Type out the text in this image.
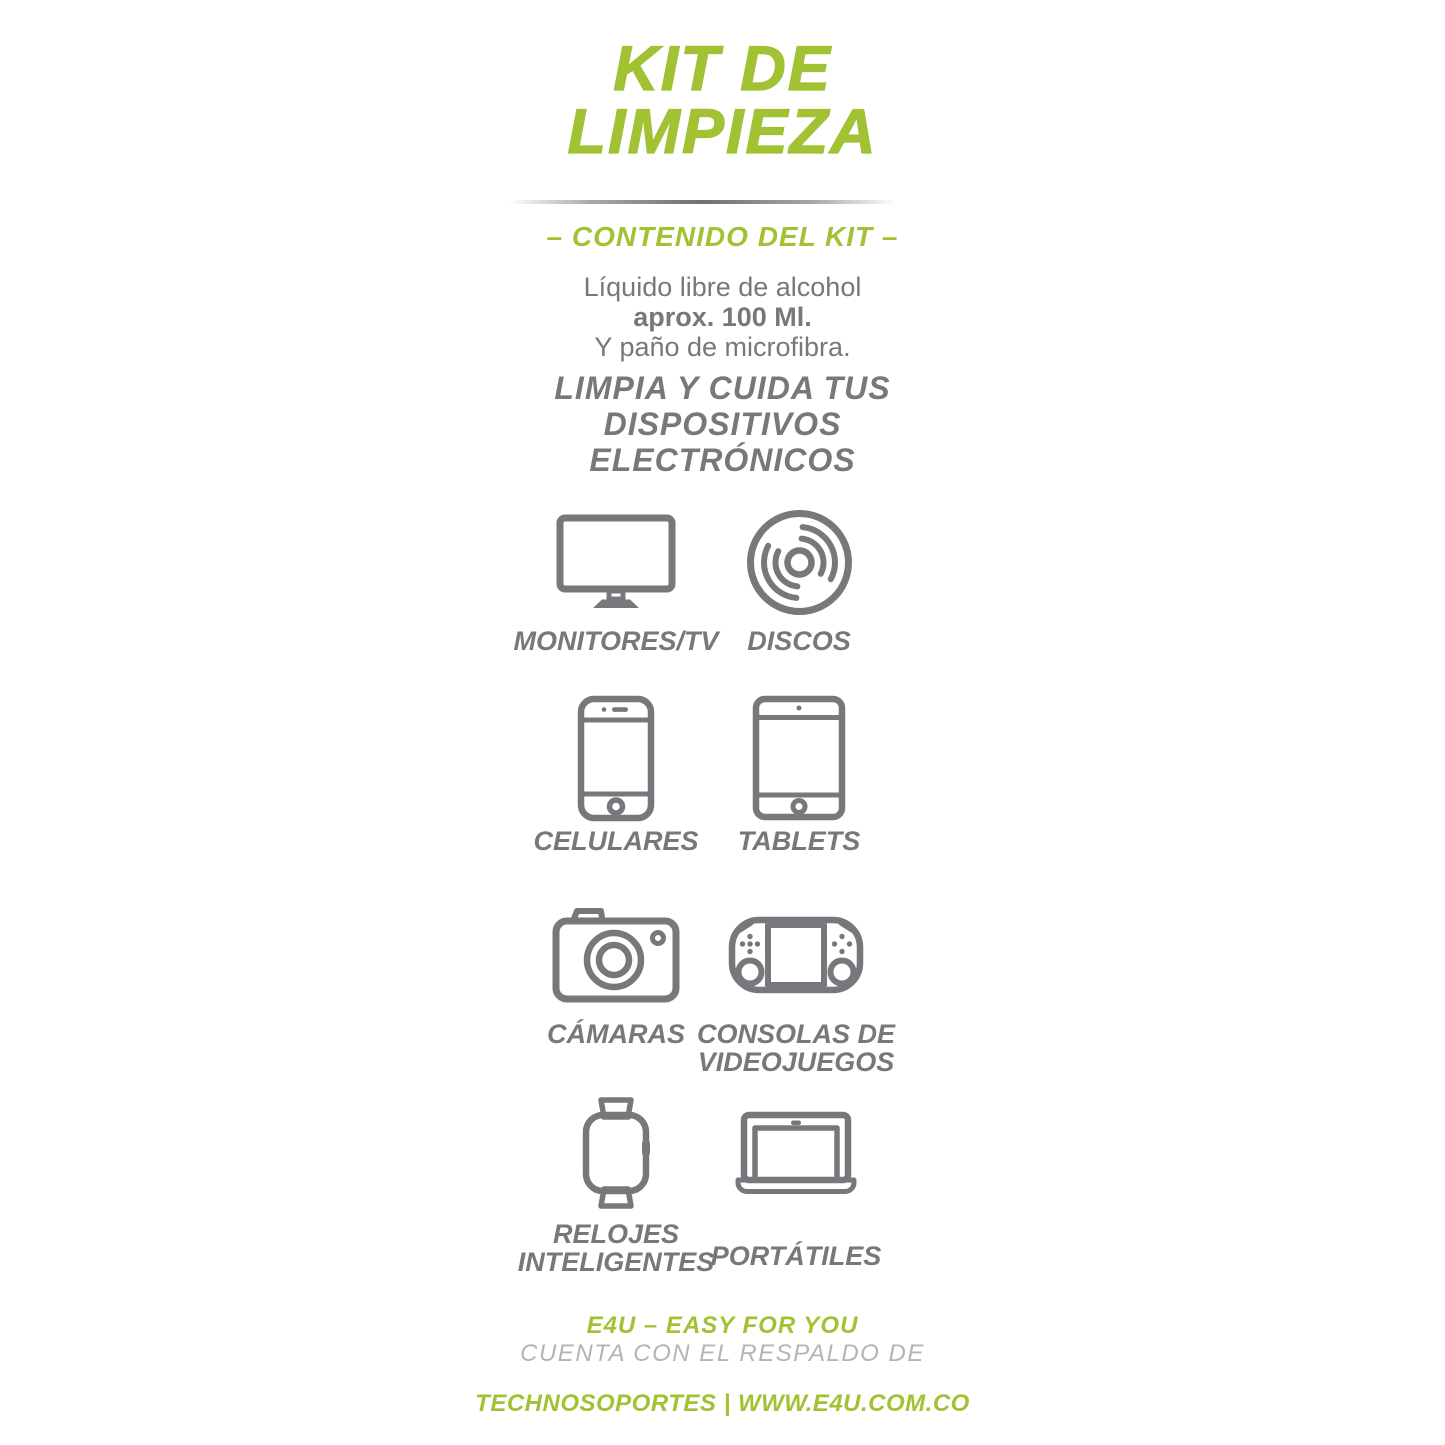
KIT DE
LIMPIEZA
– CONTENIDO DEL KIT –
Líquido libre de alcohol
aprox. 100 Ml.
Y paño de microfibra.
LIMPIA Y CUIDA TUS
DISPOSITIVOS
ELECTRÓNICOS
MONITORES/TV DISCOS
CELULARES TABLETS
CÁMARAS CONSOLAS DE VIDEOJUEGOS
RELOJES INTELIGENTES
PORTÁTILES
E4U – EASY FOR YOU
CUENTA CON EL RESPALDO DE
TECHNOSOPORTES | WWW.E4U.COM.CO
